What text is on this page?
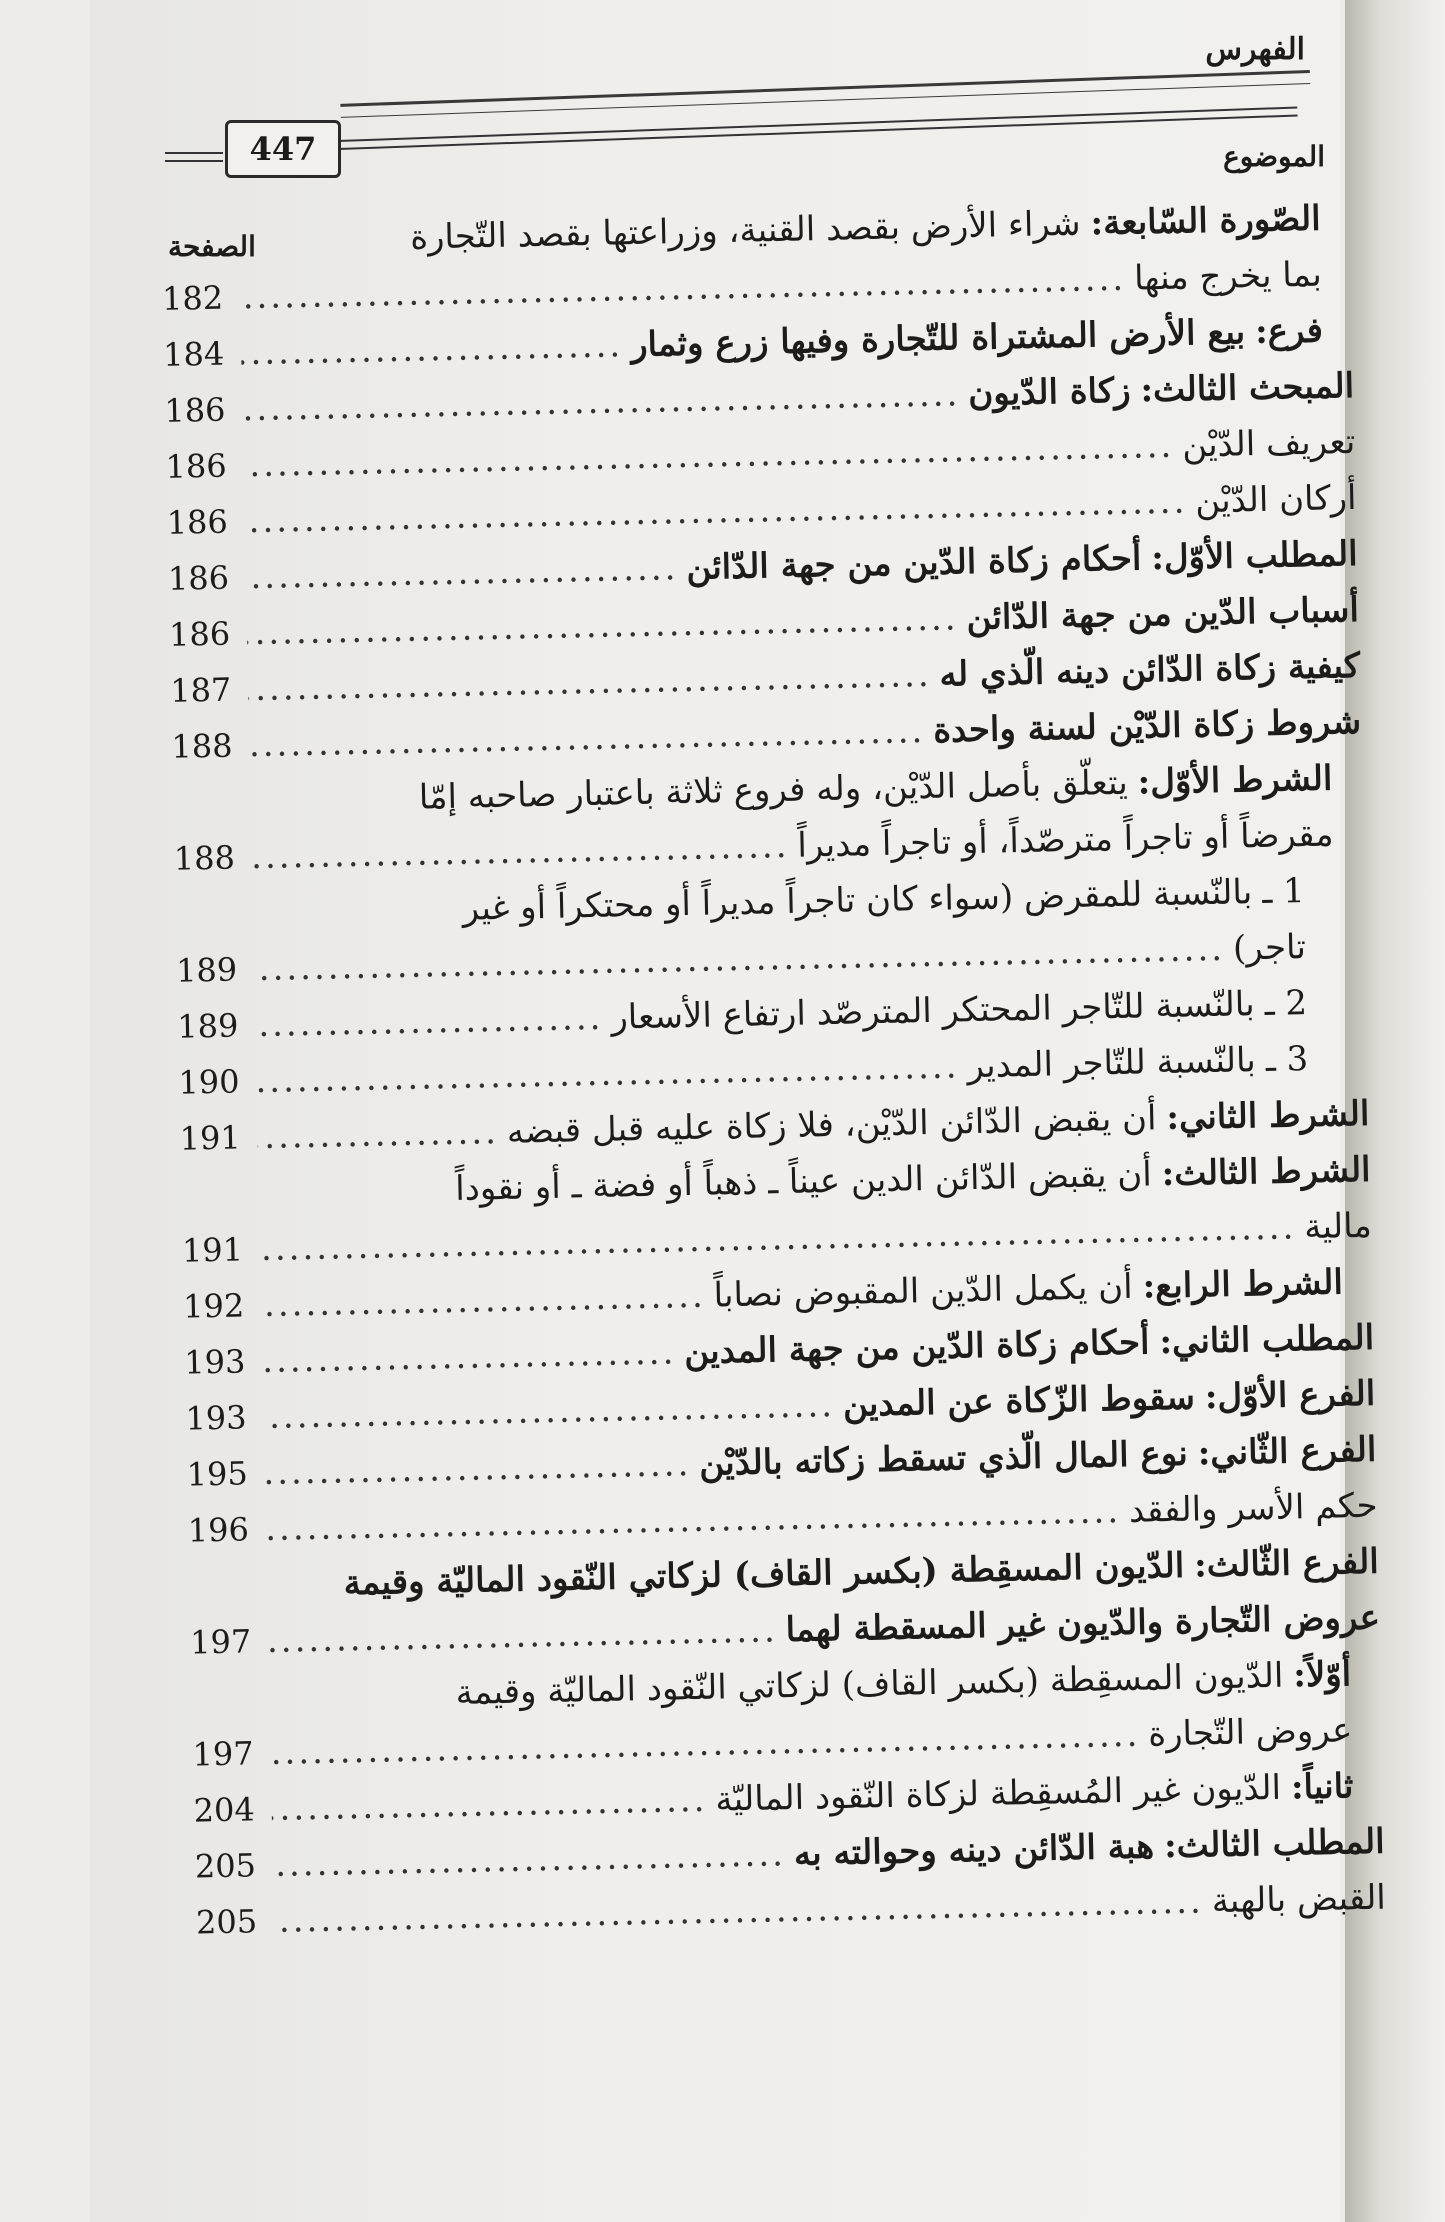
الفهرس
447	الموضوع
الصفحة
الصّورة السّابعة:
شراء الأرض بقصد القنية، وزراعتها بقصد التّجارة
بما يخرج منها
.....
182
فرع:
بيع الأرض المشتراة للتّجارة وفيها زرع وثمار
.....
184
المبحث الثالث:
زكاة الدّيون
.....
186
تعريف الدّيْن
.....
186
أركان الدّيْن
.....
186
المطلب الأوّل:
أحكام زكاة الدّين من جهة الدّائن
.....
186
أسباب الدّين من جهة الدّائن
.....
186
كيفية زكاة الدّائن دينه الّذي له
.....
187
شروط زكاة الدّيْن لسنة واحدة
.....
188
الشرط الأوّل:
يتعلّق بأصل الدّيْن، وله فروع ثلاثة باعتبار صاحبه إمّا
مقرضاً أو تاجراً مترصّداً، أو تاجراً مديراً
.....
188
1 ـ
بالنّسبة للمقرض (سواء كان تاجراً مديراً أو محتكراً أو غير
تاجر)
.....
189
2 ـ
بالنّسبة للتّاجر المحتكر المترصّد ارتفاع الأسعار
.....
189
3 ـ
بالنّسبة للتّاجر المدير
.....
190
الشرط الثاني:
أن يقبض الدّائن الدّيْن، فلا زكاة عليه قبل قبضه
.....
191
الشرط الثالث:
أن يقبض الدّائن الدين عيناً ـ ذهباً أو فضة ـ أو نقوداً
مالية
.....
191
الشرط الرابع:
أن يكمل الدّين المقبوض نصاباً
.....
192
المطلب الثاني:
أحكام زكاة الدّين من جهة المدين
.....
193
الفرع الأوّل:
سقوط الزّكاة عن المدين
.....
193
الفرع الثّاني:
نوع المال الّذي تسقط زكاته بالدّيْن
.....
195
حكم الأسر والفقد
.....
196
الفرع الثّالث:
الدّيون المسقِطة (بكسر القاف) لزكاتي النّقود الماليّة وقيمة
عروض التّجارة والدّيون غير المسقطة لهما
.....
197
أوّلاً:
الدّيون المسقِطة (بكسر القاف) لزكاتي النّقود الماليّة وقيمة
عروض التّجارة
.....
197
ثانياً:
الدّيون غير المُسقِطة لزكاة النّقود الماليّة
.....
204
المطلب الثالث:
هبة الدّائن دينه وحوالته به
.....
205
القبض بالهبة
.....
205
